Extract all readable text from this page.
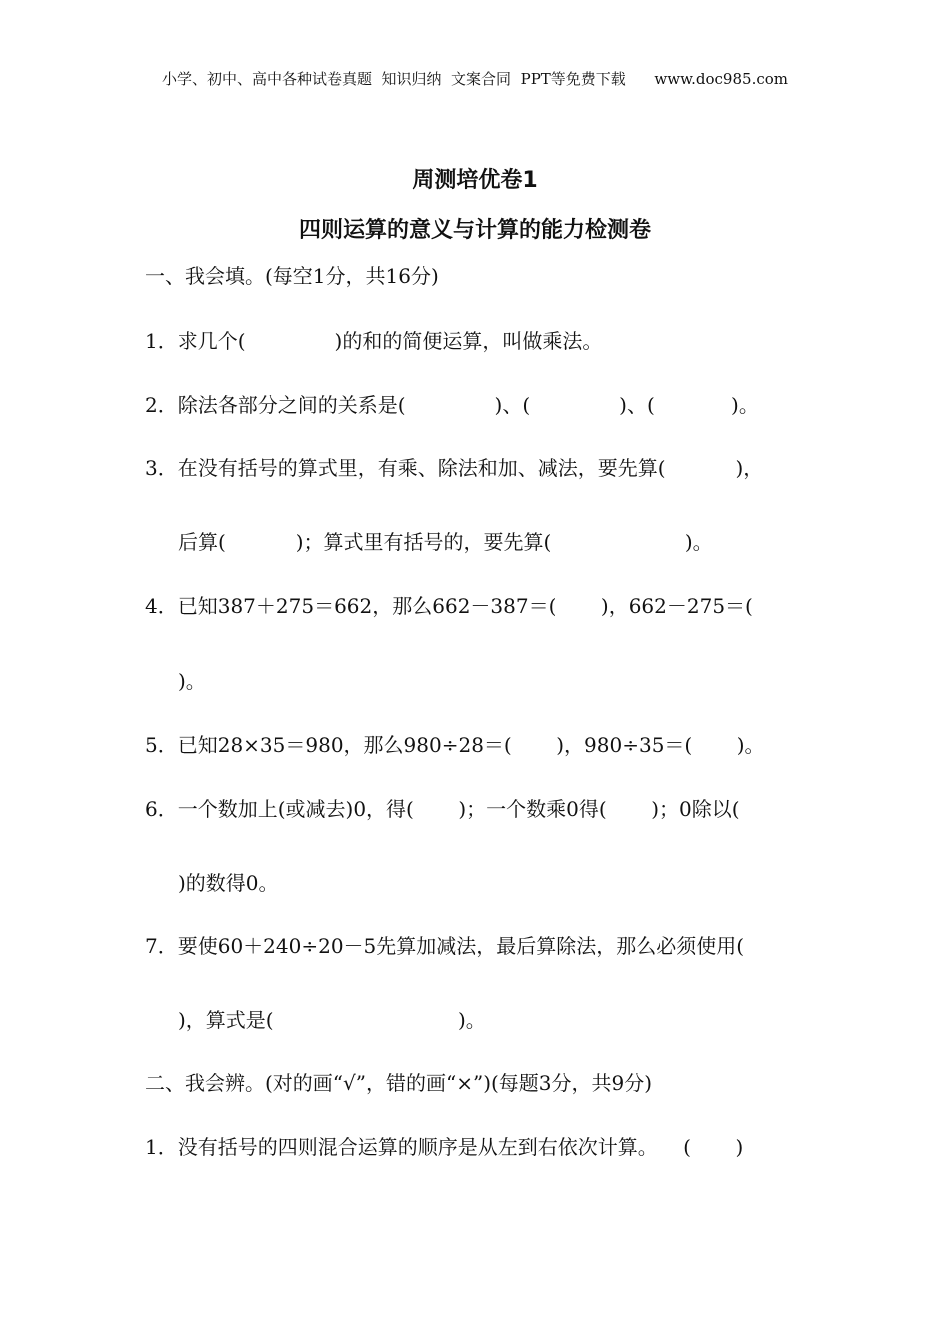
小学、初中、高中各种试卷真题  知识归纳  文案合同  PPT等免费下载      www.doc985.com
周测培优卷1
四则运算的意义与计算的能力检测卷
一、我会填。(每空1分，共16分)
1．求几个(              )的和的简便运算，叫做乘法。
2．除法各部分之间的关系是(              )、(              )、(            )。
3．在没有括号的算式里，有乘、除法和加、减法，要先算(           )，
后算(           )；算式里有括号的，要先算(                     )。
4．已知387＋275＝662，那么662－387＝(       )，662－275＝(
)。
5．已知28×35＝980，那么980÷28＝(       )，980÷35＝(       )。
6．一个数加上(或减去)0，得(       )；一个数乘0得(       )；0除以(
)的数得0。
7．要使60＋240÷20－5先算加减法，最后算除法，那么必须使用(
)，算式是(                             )。
二、我会辨。(对的画“√”，错的画“×”)(每题3分，共9分)
1．没有括号的四则混合运算的顺序是从左到右依次计算。    (       )
